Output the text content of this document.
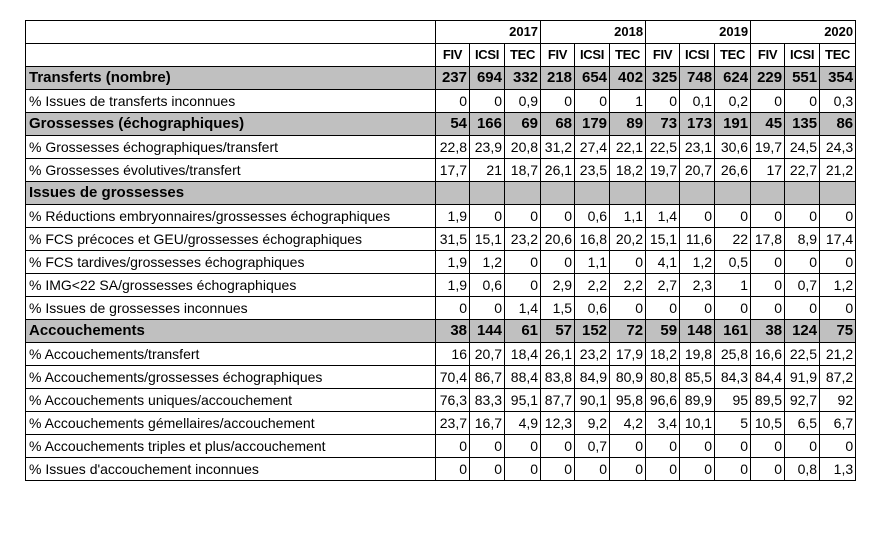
	2017			2018			2019			2020		
	FIV	ICSI	TEC	FIV	ICSI	TEC	FIV	ICSI	TEC	FIV	ICSI	TEC
Transferts (nombre)	237	694	332	218	654	402	325	748	624	229	551	354
% Issues de transferts inconnues	0	0	0,9	0	0	1	0	0,1	0,2	0	0	0,3
Grossesses (échographiques)	54	166	69	68	179	89	73	173	191	45	135	86
% Grossesses échographiques/transfert	22,8	23,9	20,8	31,2	27,4	22,1	22,5	23,1	30,6	19,7	24,5	24,3
% Grossesses évolutives/transfert	17,7	21	18,7	26,1	23,5	18,2	19,7	20,7	26,6	17	22,7	21,2
Issues de grossesses												
% Réductions embryonnaires/grossesses échographiques	1,9	0	0	0	0,6	1,1	1,4	0	0	0	0	0
% FCS précoces et GEU/grossesses échographiques	31,5	15,1	23,2	20,6	16,8	20,2	15,1	11,6	22	17,8	8,9	17,4
% FCS tardives/grossesses échographiques	1,9	1,2	0	0	1,1	0	4,1	1,2	0,5	0	0	0
% IMG<22 SA/grossesses échographiques	1,9	0,6	0	2,9	2,2	2,2	2,7	2,3	1	0	0,7	1,2
% Issues de grossesses inconnues	0	0	1,4	1,5	0,6	0	0	0	0	0	0	0
Accouchements	38	144	61	57	152	72	59	148	161	38	124	75
% Accouchements/transfert	16	20,7	18,4	26,1	23,2	17,9	18,2	19,8	25,8	16,6	22,5	21,2
% Accouchements/grossesses échographiques	70,4	86,7	88,4	83,8	84,9	80,9	80,8	85,5	84,3	84,4	91,9	87,2
% Accouchements uniques/accouchement	76,3	83,3	95,1	87,7	90,1	95,8	96,6	89,9	95	89,5	92,7	92
% Accouchements gémellaires/accouchement	23,7	16,7	4,9	12,3	9,2	4,2	3,4	10,1	5	10,5	6,5	6,7
% Accouchements triples et plus/accouchement	0	0	0	0	0,7	0	0	0	0	0	0	0
% Issues d'accouchement inconnues	0	0	0	0	0	0	0	0	0	0	0,8	1,3
